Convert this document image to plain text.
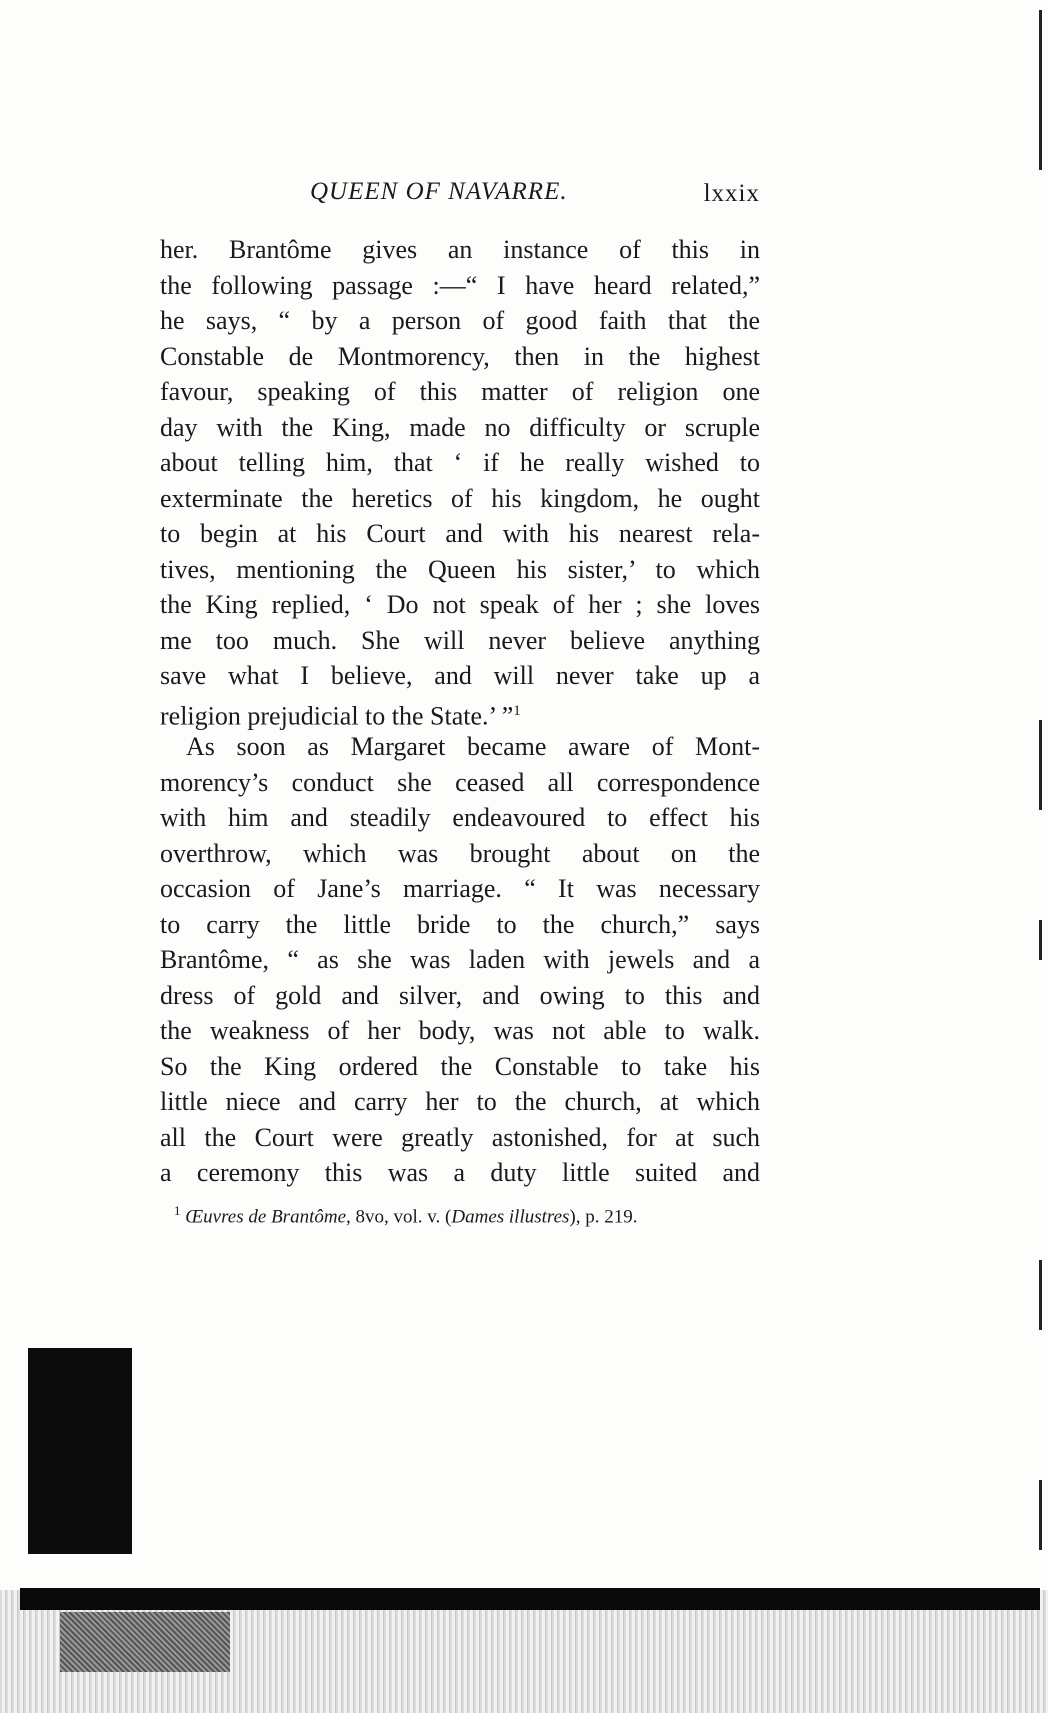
QUEEN OF NAVARRE.	lxxix
her. Brantôme gives an instance of this in
the following passage :—“ I have heard related,”
he says, “ by a person of good faith that the
Constable de Montmorency, then in the highest
favour, speaking of this matter of religion one
day with the King, made no difficulty or scruple
about telling him, that ‘ if he really wished to
exterminate the heretics of his kingdom, he ought
to begin at his Court and with his nearest rela-
tives, mentioning the Queen his sister,’ to which
the King replied, ‘ Do not speak of her ; she loves
me too much. She will never believe anything
save what I believe, and will never take up a
religion prejudicial to the State.’ ”$^1$
As soon as Margaret became aware of Mont-
morency’s conduct she ceased all correspondence
with him and steadily endeavoured to effect his
overthrow, which was brought about on the
occasion of Jane’s marriage. “ It was necessary
to carry the little bride to the church,” says
Brantôme, “ as she was laden with jewels and a
dress of gold and silver, and owing to this and
the weakness of her body, was not able to walk.
So the King ordered the Constable to take his
little niece and carry her to the church, at which
all the Court were greatly astonished, for at such
a ceremony this was a duty little suited and
$^1$ Œuvres de Brantôme, 8vo, vol. v. (Dames illustres), p. 219.
